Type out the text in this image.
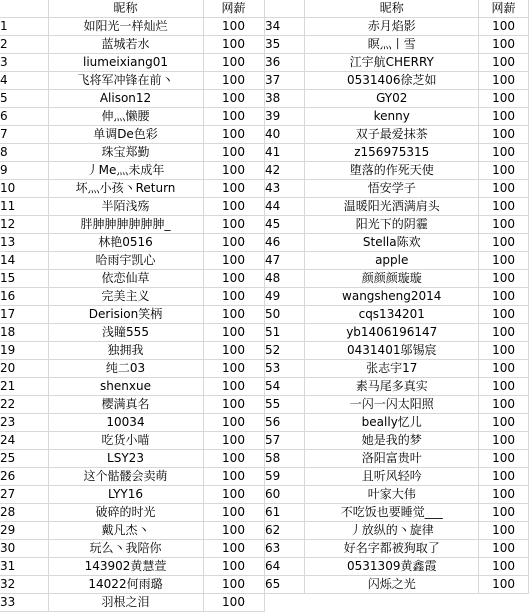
	昵称	网薪
1	如阳光一样灿烂	100
2	蓝城若水	100
3	liumeixiang01	100
4	飞将军冲锋在前丶	100
5	Alison12	100
6	伸灬懒腰	100
7	单调De色彩	100
8	珠宝郑勤	100
9	丿Me灬未成年	100
10	坏灬小孩丶Return	100
11	半陌浅殇	100
12	胖胂胂胂胂胂胂_	100
13	林艳0516	100
14	哈雨宇凯心	100
15	依恋仙草	100
16	完美主义	100
17	Derision笑柄	100
18	浅瞳555	100
19	独拥我	100
20	纯二03	100
21	shenxue	100
22	樱满真名	100
23	10034	100
24	吃货小喵	100
25	LSY23	100
26	这个骷髅会卖萌	100
27	LYY16	100
28	破碎的时光	100
29	戴凡杰丶	100
30	玩么丶我陪你	100
31	143902黄慧萱	100
32	14022何雨璐	100
33	羽根之泪	100
	昵称	网薪
34	赤月焰影	100
35	瞑灬丨雪	100
36	江宇航CHERRY	100
37	0531406徐芝如	100
38	GY02	100
39	kenny	100
40	双子最爱抹茶	100
41	z156975315	100
42	堕落的作死天使	100
43	悟安学子	100
44	温暖阳光洒满肩头	100
45	阳光下的阴霾	100
46	Stella陈欢	100
47	apple	100
48	颜颜颜璇璇	100
49	wangsheng2014	100
50	cqs134201	100
51	yb1406196147	100
52	0431401邬锡宸	100
53	张志宇17	100
54	素马尾多真实	100
55	一闪一闪太阳照	100
56	beally忆儿	100
57	她是我的梦	100
58	洛阳富贵叶	100
59	且听风轻吟	100
60	叶家大伟	100
61	不吃饭也要睡觉___	100
62	丿放纵的丶旋律	100
63	好名字都被狗取了	100
64	0531309黄鑫霞	100
65	闪烁之光	100
